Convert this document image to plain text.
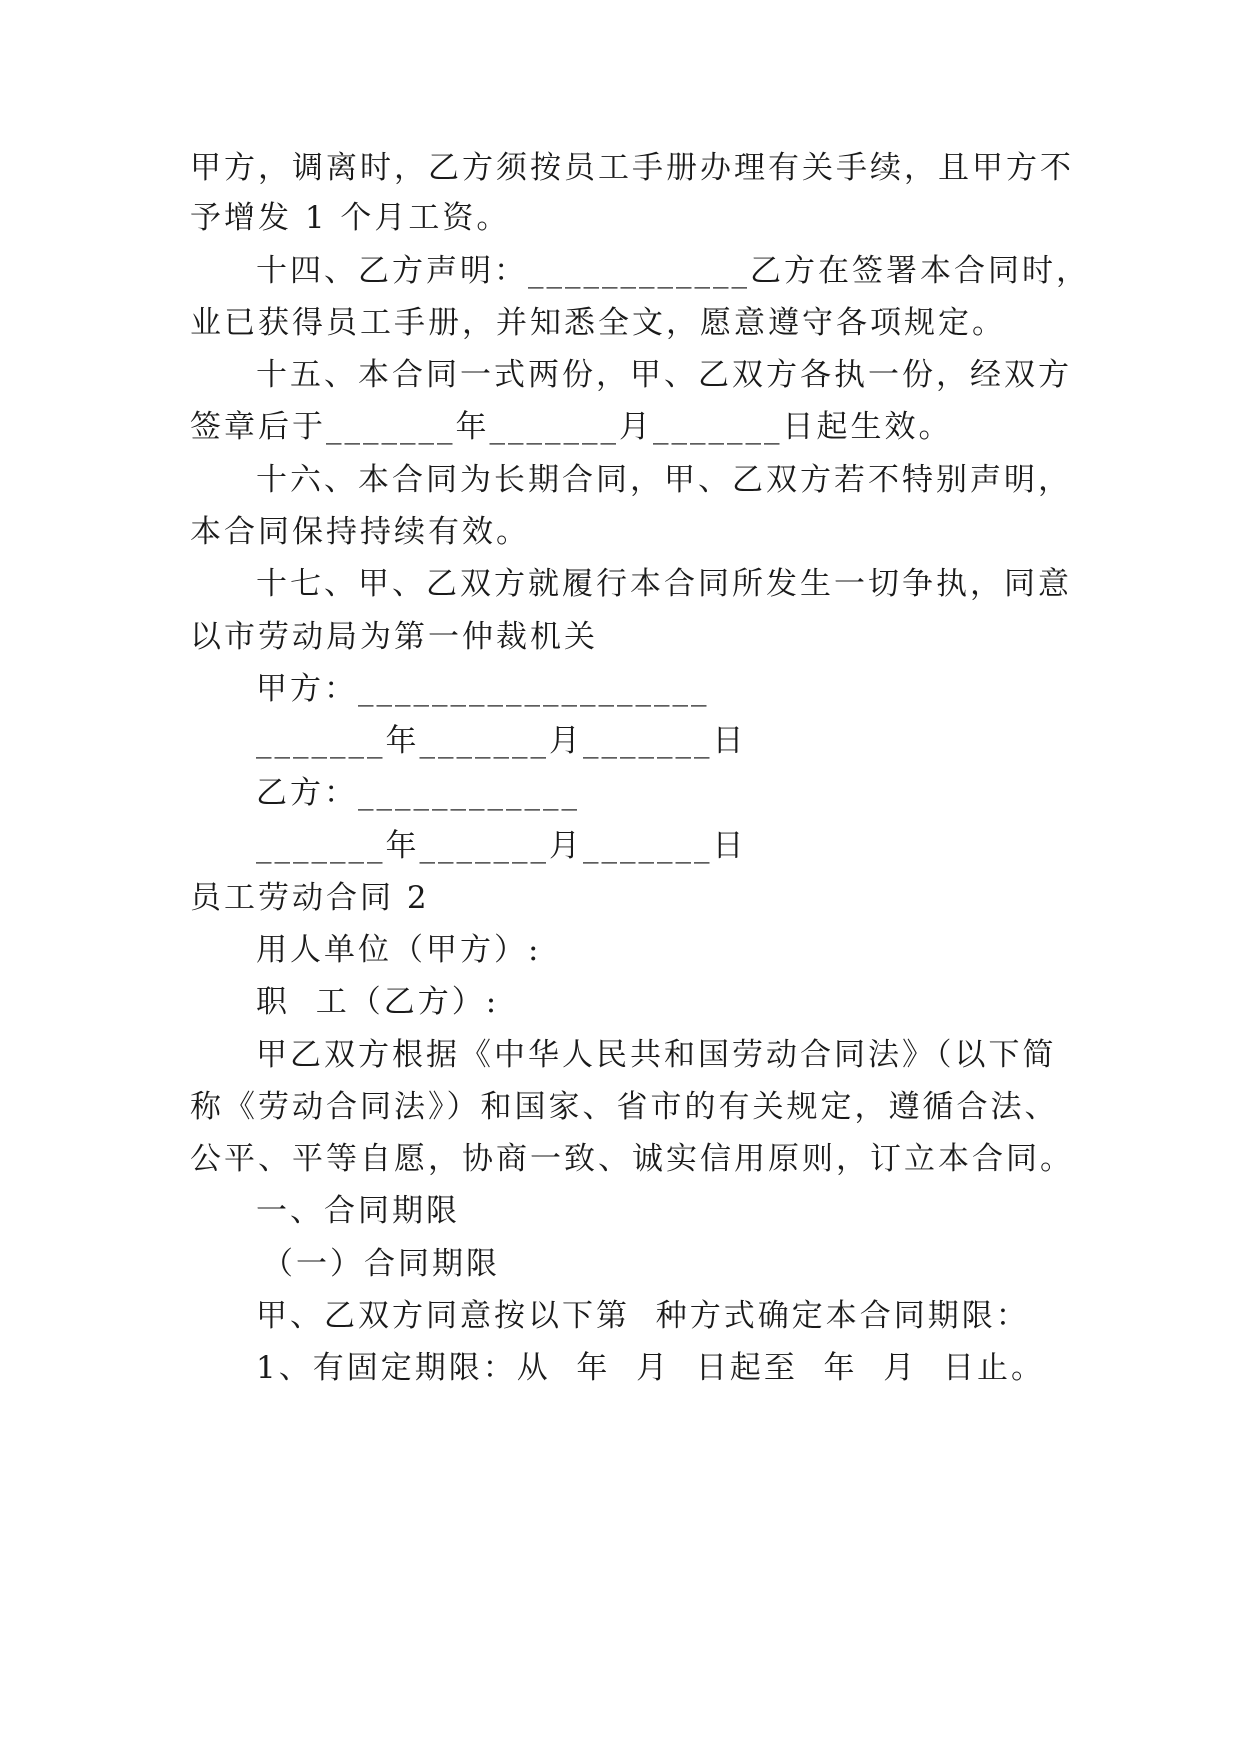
甲方，调离时，乙方须按员工手册办理有关手续，且甲方不
予增发 1 个月工资。
十四、乙方声明：____________乙方在签署本合同时，
业已获得员工手册，并知悉全文，愿意遵守各项规定。
十五、本合同一式两份，甲、乙双方各执一份，经双方
签章后于_______年_______月_______日起生效。
十六、本合同为长期合同，甲、乙双方若不特别声明，
本合同保持持续有效。
十七、甲、乙双方就履行本合同所发生一切争执，同意
以市劳动局为第一仲裁机关
甲方：___________________
_______年_______月_______日
乙方：____________
_______年_______月_______日
员工劳动合同 2
用人单位（甲方）:
职  工（乙方）:
甲乙双方根据《中华人民共和国劳动合同法》（以下简
称《劳动合同法》）和国家、省市的有关规定，遵循合法、
公平、平等自愿，协商一致、诚实信用原则，订立本合同。
一、合同期限
（一）合同期限
甲、乙双方同意按以下第  种方式确定本合同期限：
1、有固定期限：从  年  月  日起至  年  月  日止。
